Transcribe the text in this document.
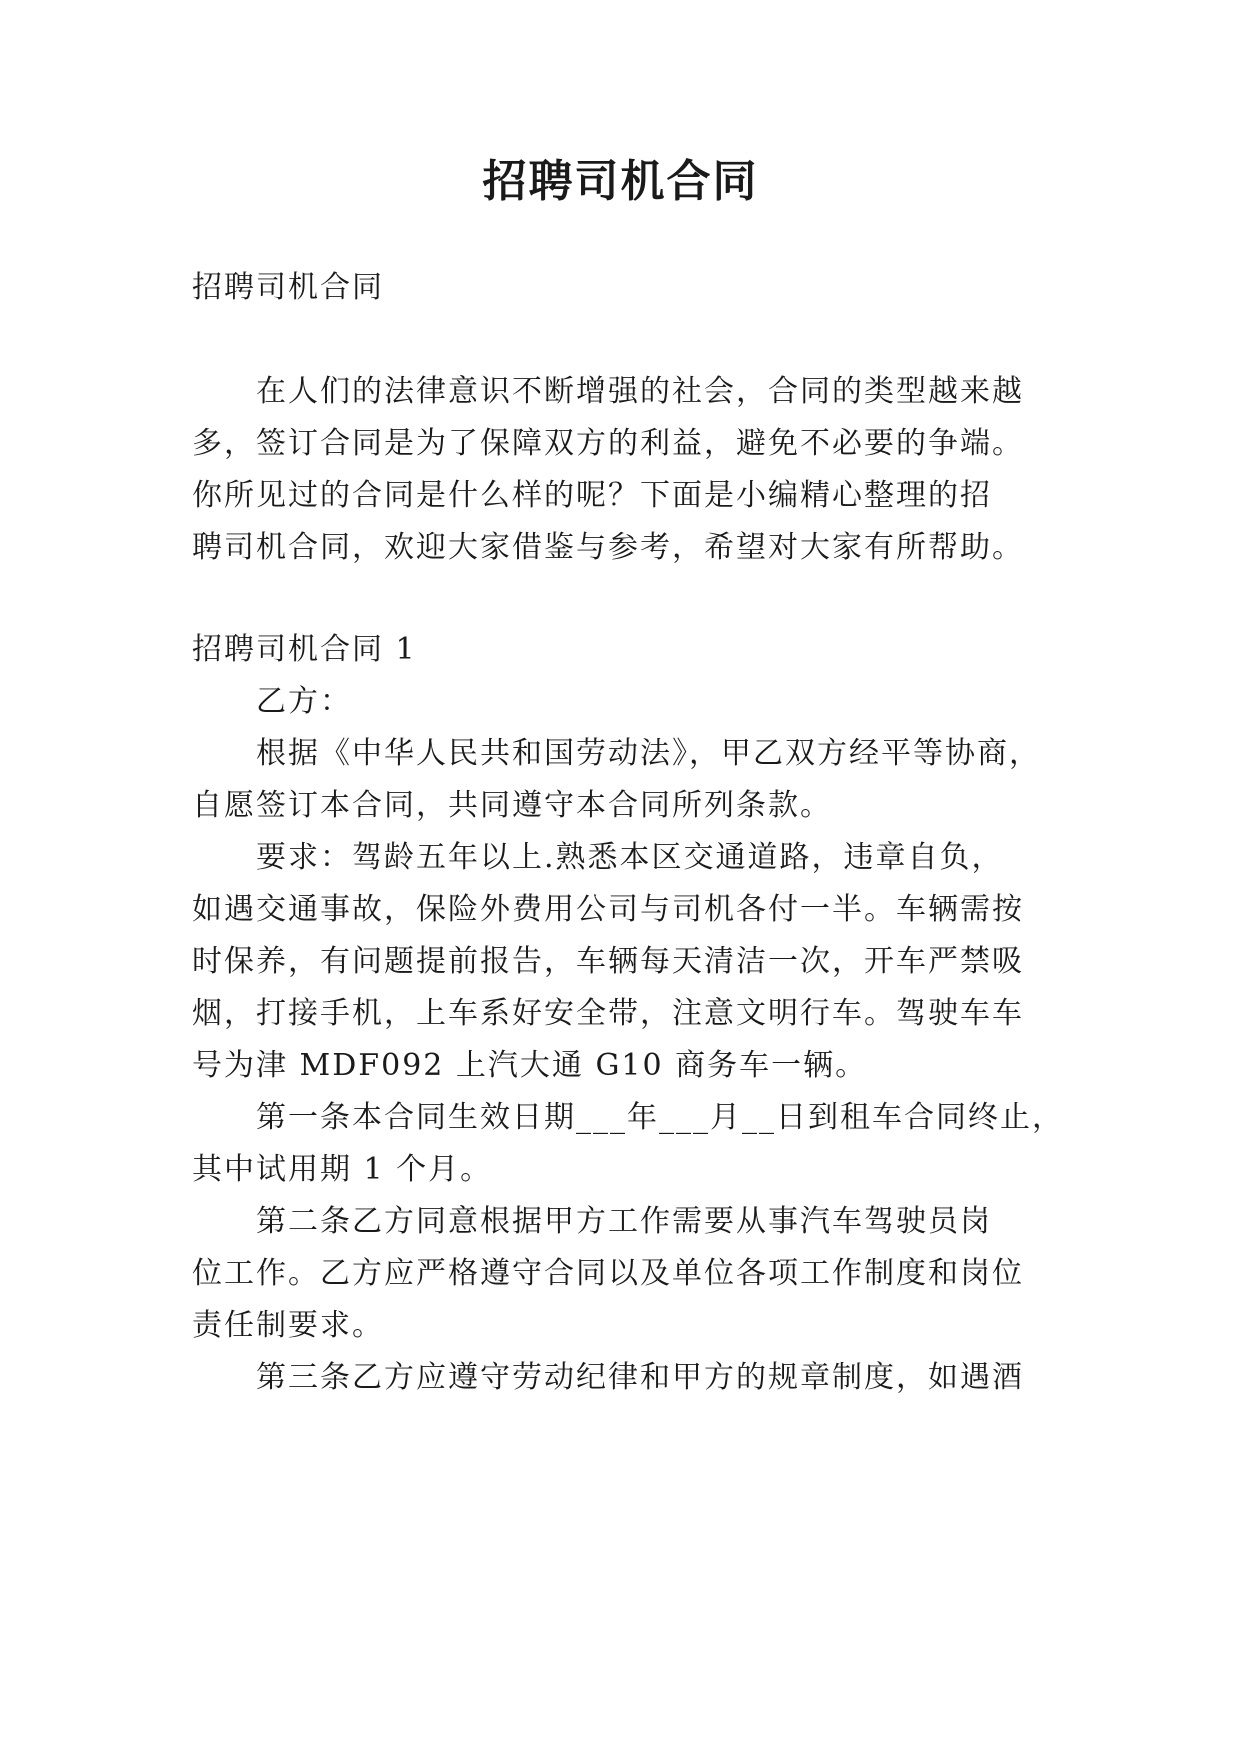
招聘司机合同
招聘司机合同
在人们的法律意识不断增强的社会，合同的类型越来越
多，签订合同是为了保障双方的利益，避免不必要的争端。
你所见过的合同是什么样的呢？下面是小编精心整理的招
聘司机合同，欢迎大家借鉴与参考，希望对大家有所帮助。
招聘司机合同 1
乙方：
根据《中华人民共和国劳动法》，甲乙双方经平等协商，
自愿签订本合同，共同遵守本合同所列条款。
要求：驾龄五年以上.熟悉本区交通道路，违章自负，
如遇交通事故，保险外费用公司与司机各付一半。车辆需按
时保养，有问题提前报告，车辆每天清洁一次，开车严禁吸
烟，打接手机，上车系好安全带，注意文明行车。驾驶车车
号为津 MDF092 上汽大通 G10 商务车一辆。
第一条本合同生效日期___年___月__日到租车合同终止，
其中试用期 1 个月。
第二条乙方同意根据甲方工作需要从事汽车驾驶员岗
位工作。乙方应严格遵守合同以及单位各项工作制度和岗位
责任制要求。
第三条乙方应遵守劳动纪律和甲方的规章制度，如遇酒
